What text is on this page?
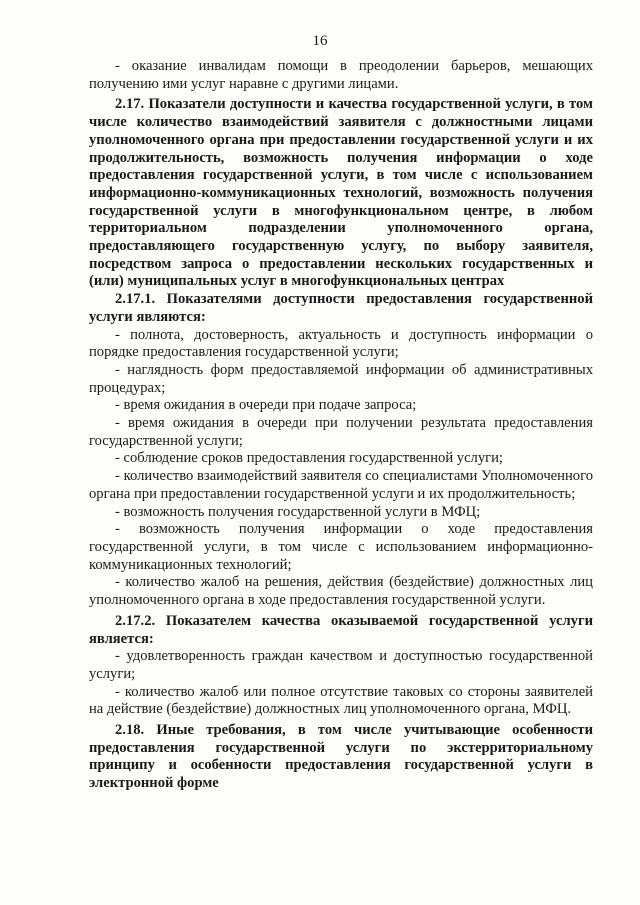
16

- оказание инвалидам помощи в преодолении барьеров, мешающих получению ими услуг наравне с другими лицами.

2.17. Показатели доступности и качества государственной услуги, в том числе количество взаимодействий заявителя с должностными лицами уполномоченного органа при предоставлении государственной услуги и их продолжительность, возможность получения информации о ходе предоставления государственной услуги, в том числе с использованием информационно-коммуникационных технологий, возможность получения государственной услуги в многофункциональном центре, в любом территориальном подразделении уполномоченного органа, предоставляющего государственную услугу, по выбору заявителя, посредством запроса о предоставлении нескольких государственных и (или) муниципальных услуг в многофункциональных центрах

2.17.1. Показателями доступности предоставления государственной услуги являются:

- полнота, достоверность, актуальность и доступность информации о порядке предоставления государственной услуги;

- наглядность форм предоставляемой информации об административных процедурах;

- время ожидания в очереди при подаче запроса;

- время ожидания в очереди при получении результата предоставления государственной услуги;

- соблюдение сроков предоставления государственной услуги;

- количество взаимодействий заявителя со специалистами Уполномоченного органа при предоставлении государственной услуги и их продолжительность;

- возможность получения государственной услуги в МФЦ;

- возможность получения информации о ходе предоставления государственной услуги, в том числе с использованием информационно-коммуникационных технологий;

- количество жалоб на решения, действия (бездействие) должностных лиц уполномоченного органа в ходе предоставления государственной услуги.

2.17.2. Показателем качества оказываемой государственной услуги является:

- удовлетворенность граждан качеством и доступностью государственной услуги;

- количество жалоб или полное отсутствие таковых со стороны заявителей на действие (бездействие) должностных лиц уполномоченного органа, МФЦ.

2.18. Иные требования, в том числе учитывающие особенности предоставления государственной услуги по экстерриториальному принципу и особенности предоставления государственной услуги в электронной форме
